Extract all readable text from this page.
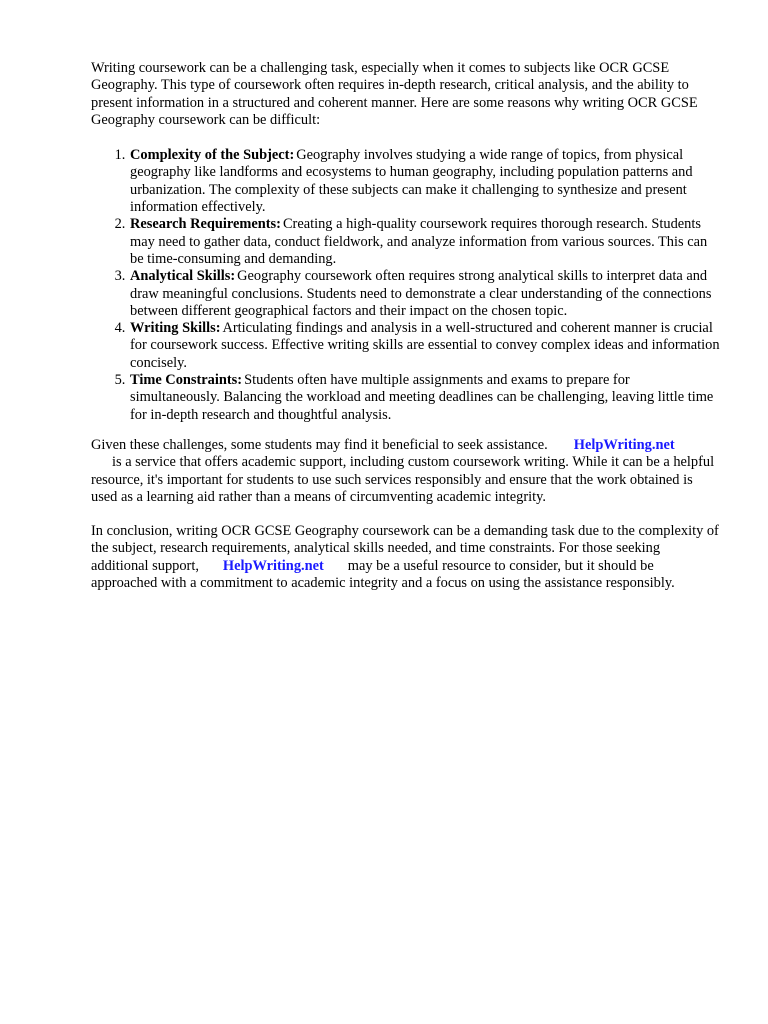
Writing coursework can be a challenging task, especially when it comes to subjects like OCR GCSE Geography. This type of coursework often requires in-depth research, critical analysis, and the ability to present information in a structured and coherent manner. Here are some reasons why writing OCR GCSE Geography coursework can be difficult:

1. Complexity of the Subject: Geography involves studying a wide range of topics, from physical geography like landforms and ecosystems to human geography, including population patterns and urbanization. The complexity of these subjects can make it challenging to synthesize and present information effectively.
2. Research Requirements: Creating a high-quality coursework requires thorough research. Students may need to gather data, conduct fieldwork, and analyze information from various sources. This can be time-consuming and demanding.
3. Analytical Skills: Geography coursework often requires strong analytical skills to interpret data and draw meaningful conclusions. Students need to demonstrate a clear understanding of the connections between different geographical factors and their impact on the chosen topic.
4. Writing Skills: Articulating findings and analysis in a well-structured and coherent manner is crucial for coursework success. Effective writing skills are essential to convey complex ideas and information concisely.
5. Time Constraints: Students often have multiple assignments and exams to prepare for simultaneously. Balancing the workload and meeting deadlines can be challenging, leaving little time for in-depth research and thoughtful analysis.

Given these challenges, some students may find it beneficial to seek assistance. HelpWriting.net
is a service that offers academic support, including custom coursework writing. While it can be a helpful resource, it's important for students to use such services responsibly and ensure that the work obtained is used as a learning aid rather than a means of circumventing academic integrity.

In conclusion, writing OCR GCSE Geography coursework can be a demanding task due to the complexity of the subject, research requirements, analytical skills needed, and time constraints. For those seeking additional support, HelpWriting.net may be a useful resource to consider, but it should be approached with a commitment to academic integrity and a focus on using the assistance responsibly.
